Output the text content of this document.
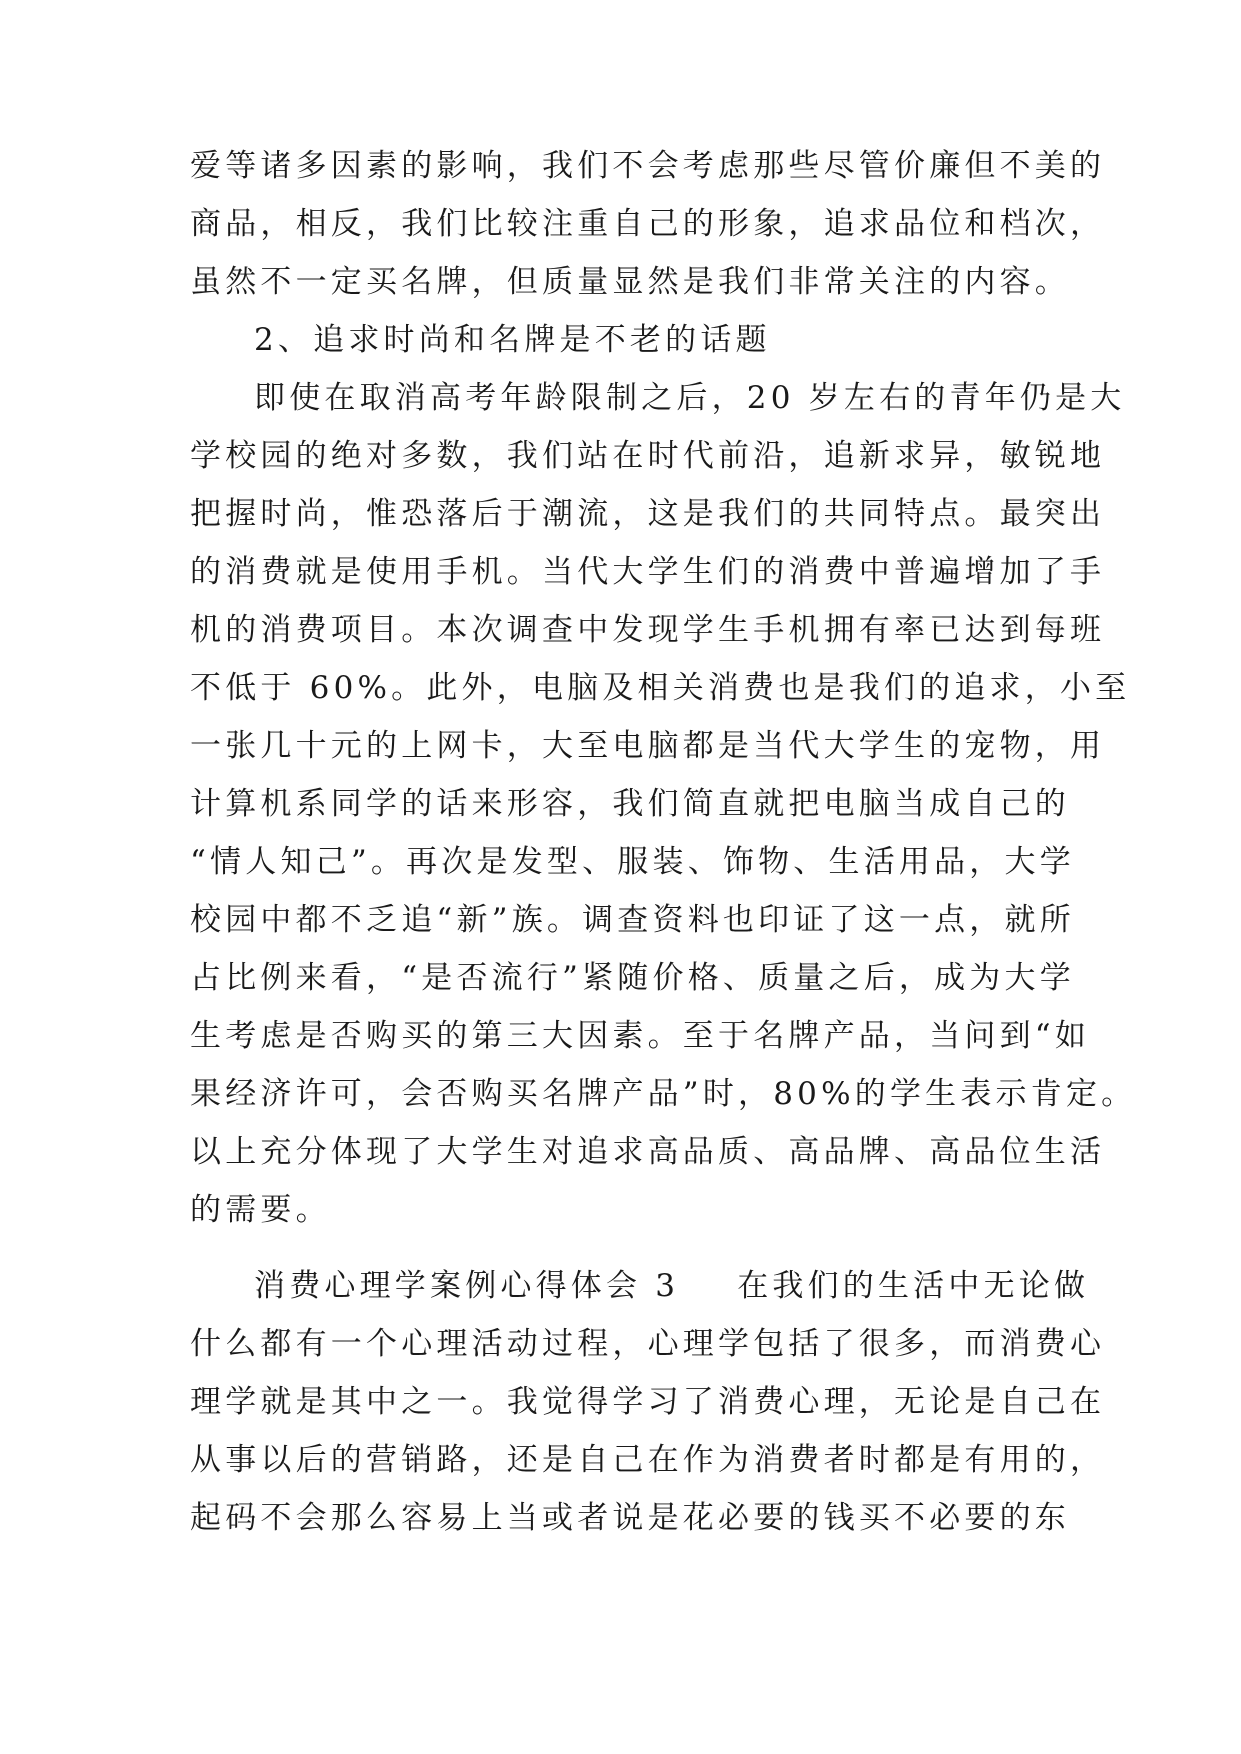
爱等诸多因素的影响，我们不会考虑那些尽管价廉但不美的
商品，相反，我们比较注重自己的形象，追求品位和档次，
虽然不一定买名牌，但质量显然是我们非常关注的内容。
2、追求时尚和名牌是不老的话题
即使在取消高考年龄限制之后，20 岁左右的青年仍是大
学校园的绝对多数，我们站在时代前沿，追新求异，敏锐地
把握时尚，惟恐落后于潮流，这是我们的共同特点。最突出
的消费就是使用手机。当代大学生们的消费中普遍增加了手
机的消费项目。本次调查中发现学生手机拥有率已达到每班
不低于 60%。此外，电脑及相关消费也是我们的追求，小至
一张几十元的上网卡，大至电脑都是当代大学生的宠物，用
计算机系同学的话来形容，我们简直就把电脑当成自己的
“情人知己”。再次是发型、服装、饰物、生活用品，大学
校园中都不乏追“新”族。调查资料也印证了这一点，就所
占比例来看，“是否流行”紧随价格、质量之后，成为大学
生考虑是否购买的第三大因素。至于名牌产品，当问到“如
果经济许可，会否购买名牌产品”时，80%的学生表示肯定。
以上充分体现了大学生对追求高品质、高品牌、高品位生活
的需要。
消费心理学案例心得体会 3 在我们的生活中无论做
什么都有一个心理活动过程，心理学包括了很多，而消费心
理学就是其中之一。我觉得学习了消费心理，无论是自己在
从事以后的营销路，还是自己在作为消费者时都是有用的，
起码不会那么容易上当或者说是花必要的钱买不必要的东
